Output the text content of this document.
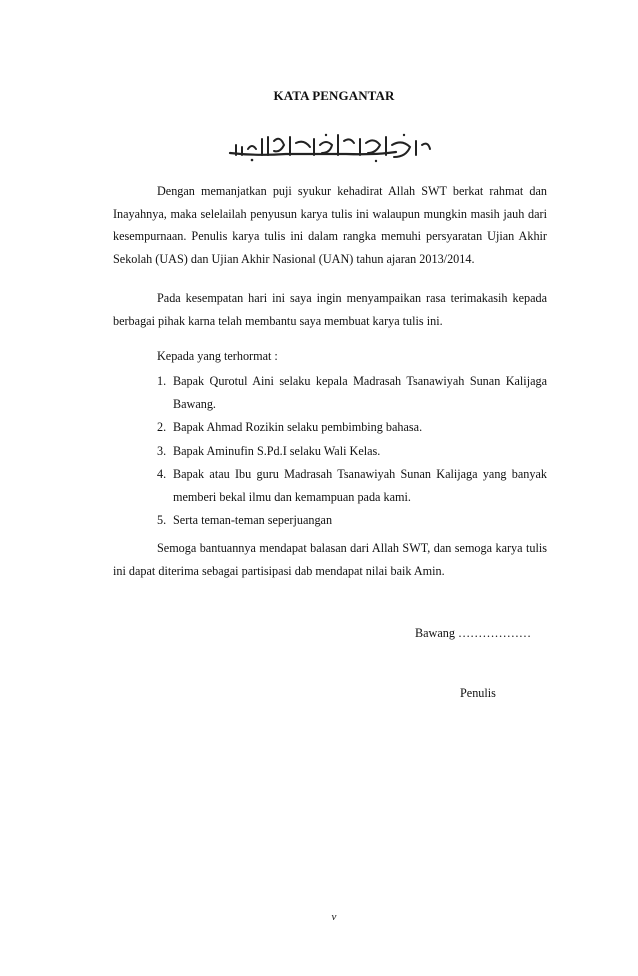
KATA PENGANTAR

Dengan memanjatkan puji syukur kehadirat Allah SWT berkat rahmat dan Inayahnya, maka selelailah penyusun karya tulis ini walaupun mungkin masih jauh dari kesempurnaan. Penulis karya tulis ini dalam rangka memuhi persyaratan Ujian Akhir Sekolah (UAS) dan Ujian Akhir Nasional (UAN) tahun ajaran 2013/2014.

Pada kesempatan hari ini saya ingin menyampaikan rasa terimakasih kepada berbagai pihak karna telah membantu saya membuat karya tulis ini.

Kepada yang terhormat :

1. Bapak Qurotul Aini selaku kepala Madrasah Tsanawiyah Sunan Kalijaga Bawang.
2. Bapak Ahmad Rozikin selaku pembimbing bahasa.
3. Bapak Aminufin S.Pd.I selaku Wali Kelas.
4. Bapak atau Ibu guru Madrasah Tsanawiyah Sunan Kalijaga yang banyak memberi bekal ilmu dan kemampuan pada kami.
5. Serta teman-teman seperjuangan

Semoga bantuannya mendapat balasan dari Allah SWT, dan semoga karya tulis ini dapat diterima sebagai partisipasi dab mendapat nilai baik Amin.

Bawang ………………
Penulis
v
